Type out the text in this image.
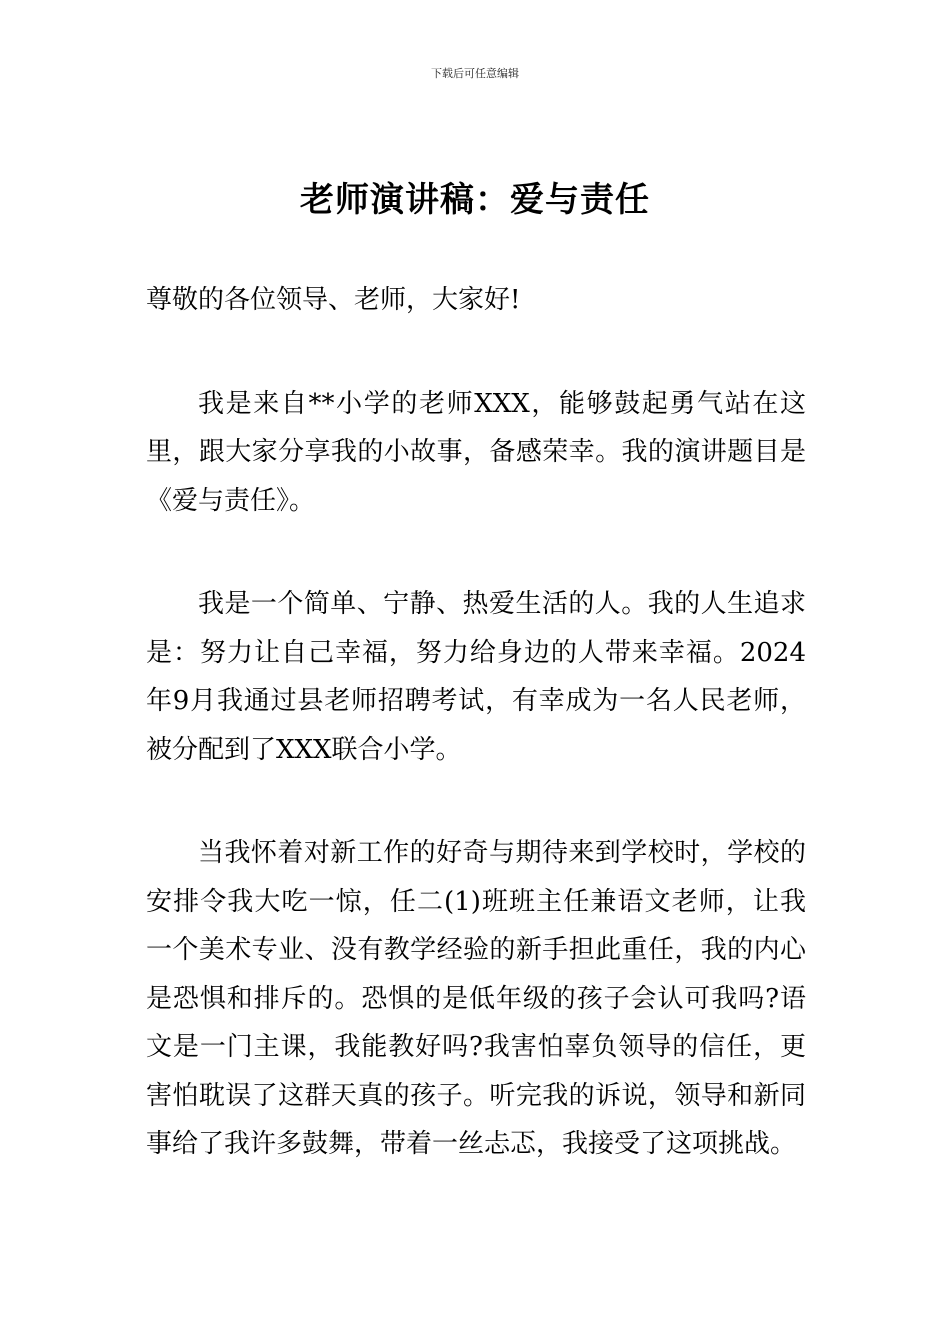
下载后可任意编辑
老师演讲稿：爱与责任

尊敬的各位领导、老师，大家好!

我是来自**小学的老师XXX，能够鼓起勇气站在这里，跟大家分享我的小故事，备感荣幸。我的演讲题目是《爱与责任》。

我是一个简单、宁静、热爱生活的人。我的人生追求是：努力让自己幸福，努力给身边的人带来幸福。2024年9月我通过县老师招聘考试，有幸成为一名人民老师，被分配到了XXX联合小学。

当我怀着对新工作的好奇与期待来到学校时，学校的安排令我大吃一惊，任二(1)班班主任兼语文老师，让我一个美术专业、没有教学经验的新手担此重任，我的内心是恐惧和排斥的。恐惧的是低年级的孩子会认可我吗?语文是一门主课，我能教好吗?我害怕辜负领导的信任，更害怕耽误了这群天真的孩子。听完我的诉说，领导和新同事给了我许多鼓舞，带着一丝忐忑，我接受了这项挑战。
